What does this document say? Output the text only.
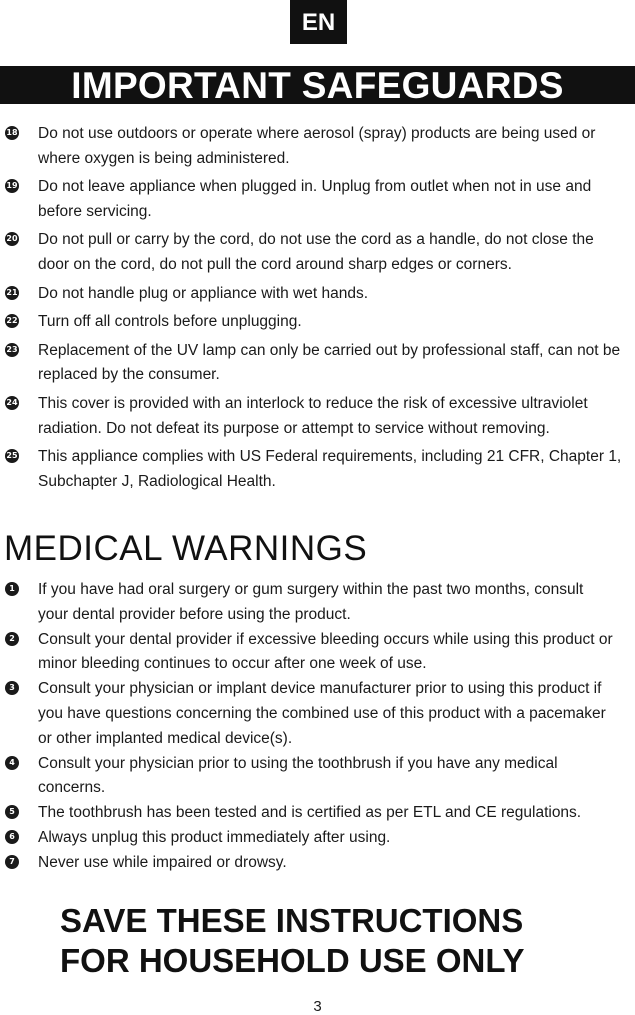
EN
IMPORTANT SAFEGUARDS
18 Do not use outdoors or operate where aerosol (spray) products are being used or where oxygen is being administered.
19 Do not leave appliance when plugged in. Unplug from outlet when not in use and before servicing.
20 Do not pull or carry by the cord, do not use the cord as a handle, do not close the door on the cord, do not pull the cord around sharp edges or corners.
21 Do not handle plug or appliance with wet hands.
22 Turn off all controls before unplugging.
23 Replacement of the UV lamp can only be carried out by professional staff, can not be replaced by the consumer.
24 This cover is provided with an interlock to reduce the risk of excessive ultraviolet radiation. Do not defeat its purpose or attempt to service without removing.
25 This appliance complies with US Federal requirements, including 21 CFR, Chapter 1, Subchapter J, Radiological Health.
MEDICAL WARNINGS
1 If you have had oral surgery or gum surgery within the past two months, consult your dental provider before using the product.
2 Consult your dental provider if excessive bleeding occurs while using this product or minor bleeding continues to occur after one week of use.
3 Consult your physician or implant device manufacturer prior to using this product if you have questions concerning the combined use of this product with a pacemaker or other implanted medical device(s).
4 Consult your physician prior to using the toothbrush if you have any medical concerns.
5 The toothbrush has been tested and is certified as per ETL and CE regulations.
6 Always unplug this product immediately after using.
7 Never use while impaired or drowsy.
SAVE THESE INSTRUCTIONS
FOR HOUSEHOLD USE ONLY
3
